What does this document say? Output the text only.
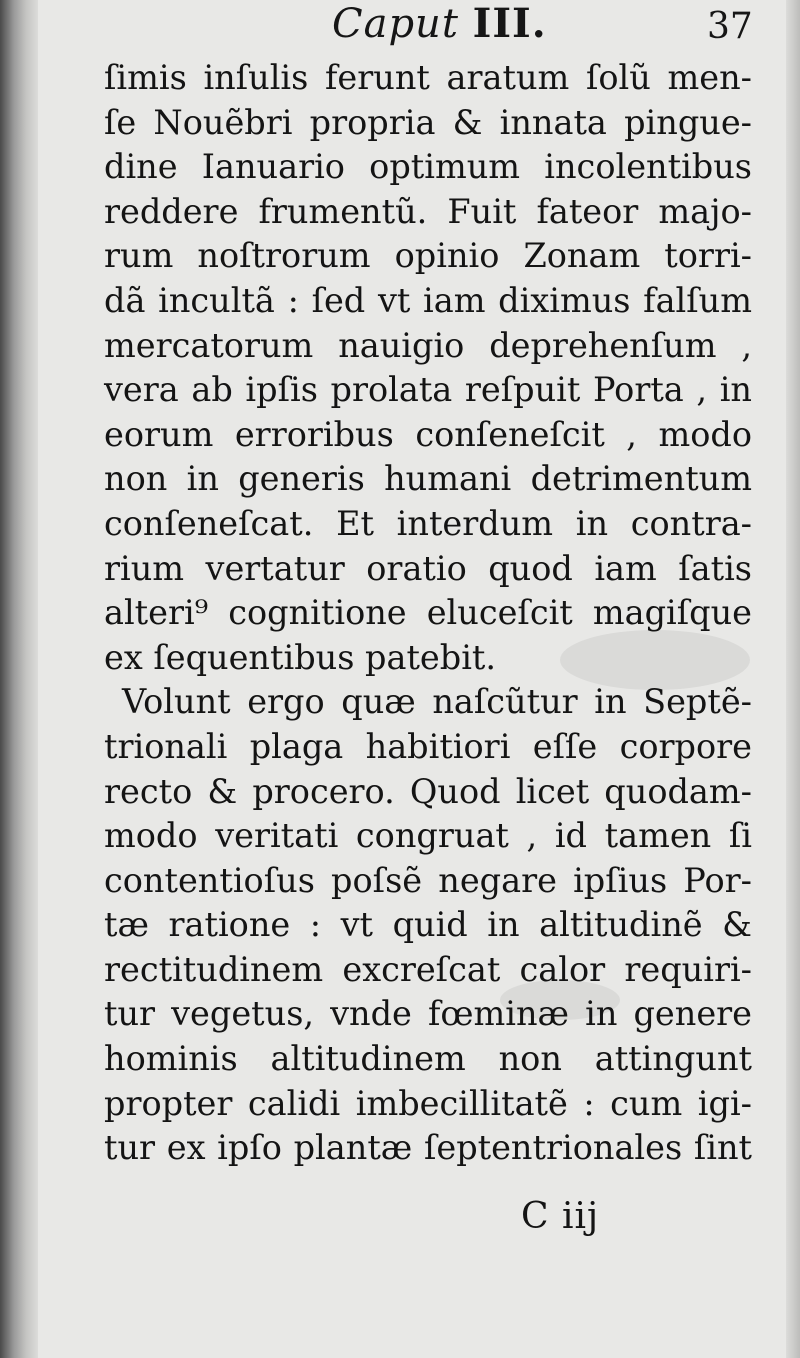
Caput III.	37
ſimis inſulis ferunt aratum ſolũ men-
ſe Nouẽbri propria & innata pingue-
dine Ianuario optimum incolentibus
reddere frumentũ. Fuit fateor majo-
rum noſtrorum opinio Zonam torri-
dã incultã : ſed vt iam diximus falſum
mercatorum nauigio deprehenſum ,
vera ab ipſis prolata reſpuit Porta , in
eorum erroribus conſeneſcit , modo
non in generis humani detrimentum
conſeneſcat. Et interdum in contra-
rium vertatur oratio quod iam ſatis
alteri⁹ cognitione eluceſcit magiſque
ex ſequentibus patebit.
Volunt ergo quæ naſcũtur in Septẽ-
trionali plaga habitiori eſſe corpore
recto & procero. Quod licet quodam-
modo veritati congruat , id tamen ſi
contentioſus poſsẽ negare ipſius Por-
tæ ratione : vt quid in altitudinẽ &
rectitudinem excreſcat calor requiri-
tur vegetus, vnde fœminæ in genere
hominis altitudinem non attingunt
propter calidi imbecillitatẽ : cum igi-
tur ex ipſo plantæ ſeptentrionales ſint
C iij
